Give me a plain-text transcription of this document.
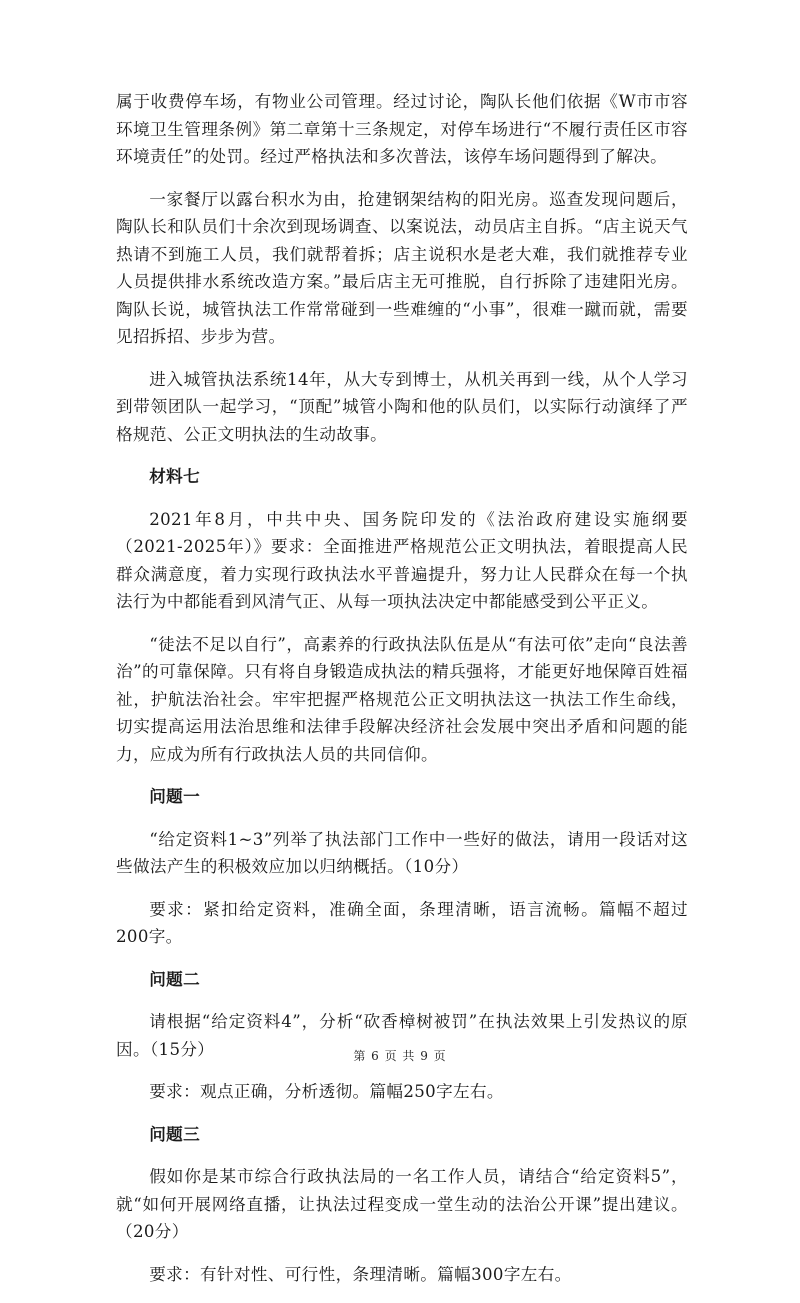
属于收费停车场，有物业公司管理。经过讨论，陶队长他们依据《W市市容环境卫生管理条例》第二章第十三条规定，对停车场进行“不履行责任区市容环境责任”的处罚。经过严格执法和多次普法，该停车场问题得到了解决。

一家餐厅以露台积水为由，抢建钢架结构的阳光房。巡查发现问题后，陶队长和队员们十余次到现场调查、以案说法，动员店主自拆。“店主说天气热请不到施工人员，我们就帮着拆；店主说积水是老大难，我们就推荐专业人员提供排水系统改造方案。”最后店主无可推脱，自行拆除了违建阳光房。陶队长说，城管执法工作常常碰到一些难缠的“小事”，很难一蹴而就，需要见招拆招、步步为营。

进入城管执法系统14年，从大专到博士，从机关再到一线，从个人学习到带领团队一起学习，“顶配”城管小陶和他的队员们，以实际行动演绎了严格规范、公正文明执法的生动故事。

材料七

2021年8月，中共中央、国务院印发的《法治政府建设实施纲要（2021-2025年）》要求：全面推进严格规范公正文明执法，着眼提高人民群众满意度，着力实现行政执法水平普遍提升，努力让人民群众在每一个执法行为中都能看到风清气正、从每一项执法决定中都能感受到公平正义。

“徒法不足以自行”，高素养的行政执法队伍是从“有法可依”走向“良法善治”的可靠保障。只有将自身锻造成执法的精兵强将，才能更好地保障百姓福祉，护航法治社会。牢牢把握严格规范公正文明执法这一执法工作生命线，切实提高运用法治思维和法律手段解决经济社会发展中突出矛盾和问题的能力，应成为所有行政执法人员的共同信仰。

问题一

“给定资料1~3”列举了执法部门工作中一些好的做法，请用一段话对这些做法产生的积极效应加以归纳概括。（10分）

要求：紧扣给定资料，准确全面，条理清晰，语言流畅。篇幅不超过200字。

问题二

请根据“给定资料4”，分析“砍香樟树被罚”在执法效果上引发热议的原因。（15分）

要求：观点正确，分析透彻。篇幅250字左右。

问题三

假如你是某市综合行政执法局的一名工作人员，请结合“给定资料5”，就“如何开展网络直播，让执法过程变成一堂生动的法治公开课”提出建议。（20分）

要求：有针对性、可行性，条理清晰。篇幅300字左右。

第 6 页 共 9 页
